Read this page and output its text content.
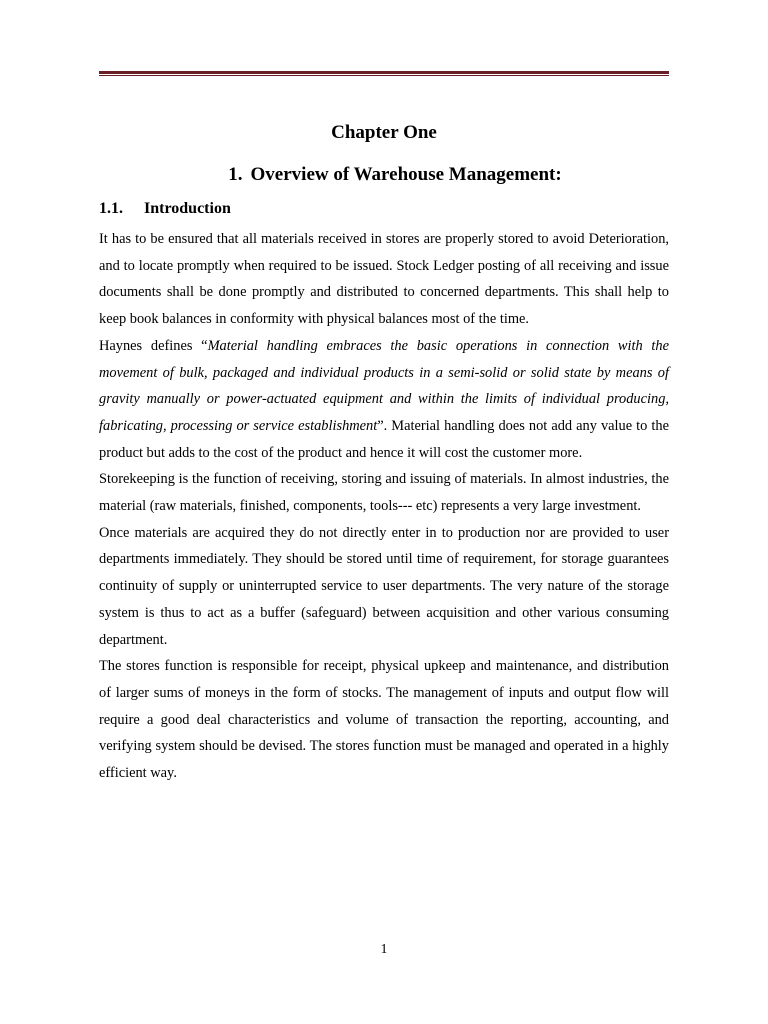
Chapter One
1. Overview of Warehouse Management:
1.1. Introduction

It has to be ensured that all materials received in stores are properly stored to avoid Deterioration, and to locate promptly when required to be issued. Stock Ledger posting of all receiving and issue documents shall be done promptly and distributed to concerned departments. This shall help to keep book balances in conformity with physical balances most of the time.

Haynes defines “Material handling embraces the basic operations in connection with the movement of bulk, packaged and individual products in a semi-solid or solid state by means of gravity manually or power-actuated equipment and within the limits of individual producing, fabricating, processing or service establishment”. Material handling does not add any value to the product but adds to the cost of the product and hence it will cost the customer more.

Storekeeping is the function of receiving, storing and issuing of materials. In almost industries, the material (raw materials, finished, components, tools--- etc) represents a very large investment.

Once materials are acquired they do not directly enter in to production nor are provided to user departments immediately. They should be stored until time of requirement, for storage guarantees continuity of supply or uninterrupted service to user departments. The very nature of the storage system is thus to act as a buffer (safeguard) between acquisition and other various consuming department.

The stores function is responsible for receipt, physical upkeep and maintenance, and distribution of larger sums of moneys in the form of stocks. The management of inputs and output flow will require a good deal characteristics and volume of transaction the reporting, accounting, and verifying system should be devised. The stores function must be managed and operated in a highly efficient way.

1
